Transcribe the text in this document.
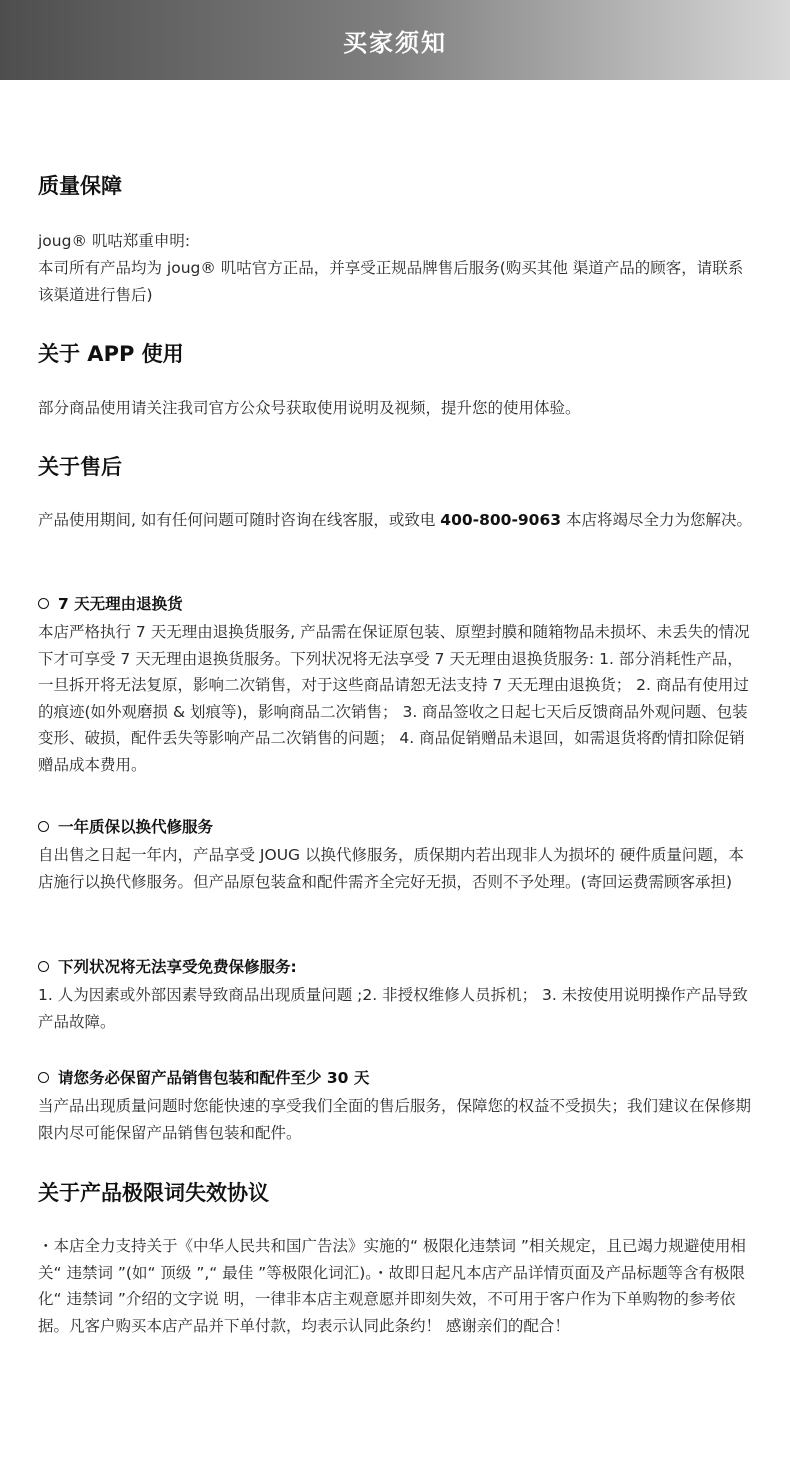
买家须知
质量保障

joug® 叽咕郑重申明:

本司所有产品均为 joug® 叽咕官方正品，并享受正规品牌售后服务(购买其他 渠道产品的顾客，请联系该渠道进行售后)

关于 APP 使用

部分商品使用请关注我司官方公众号获取使用说明及视频，提升您的使用体验。

关于售后

产品使用期间, 如有任何问题可随时咨询在线客服，或致电 400-800-9063 本店将竭尽全力为您解决。

7 天无理由退换货

本店严格执行 7 天无理由退换货服务, 产品需在保证原包装、原塑封膜和随箱物品未损坏、未丢失的情况下才可享受 7 天无理由退换货服务。下列状况将无法享受 7 天无理由退换货服务: 1. 部分消耗性产品，一旦拆开将无法复原，影响二次销售，对于这些商品请恕无法支持 7 天无理由退换货； 2. 商品有使用过的痕迹(如外观磨损 & 划痕等)，影响商品二次销售； 3. 商品签收之日起七天后反馈商品外观问题、包装变形、破损，配件丢失等影响产品二次销售的问题； 4. 商品促销赠品未退回，如需退货将酌情扣除促销赠品成本费用。

一年质保以换代修服务

自出售之日起一年内，产品享受 JOUG 以换代修服务，质保期内若出现非人为损坏的 硬件质量问题，本店施行以换代修服务。但产品原包装盒和配件需齐全完好无损，否则不予处理。(寄回运费需顾客承担)

下列状况将无法享受免费保修服务:

1. 人为因素或外部因素导致商品出现质量问题 ;2. 非授权维修人员拆机； 3. 未按使用说明操作产品导致产品故障。

请您务必保留产品销售包装和配件至少 30 天

当产品出现质量问题时您能快速的享受我们全面的售后服务，保障您的权益不受损失；我们建议在保修期限内尽可能保留产品销售包装和配件。

关于产品极限词失效协议

・本店全力支持关于《中华人民共和国广告法》实施的“ 极限化违禁词 ”相关规定，且已竭力规避使用相关“ 违禁词 ”(如“ 顶级 ”,“ 最佳 ”等极限化词汇)。・故即日起凡本店产品详情页面及产品标题等含有极限化“ 违禁词 ”介绍的文字说 明，一律非本店主观意愿并即刻失效，不可用于客户作为下单购物的参考依据。凡客户购买本店产品并下单付款，均表示认同此条约！ 感谢亲们的配合！
